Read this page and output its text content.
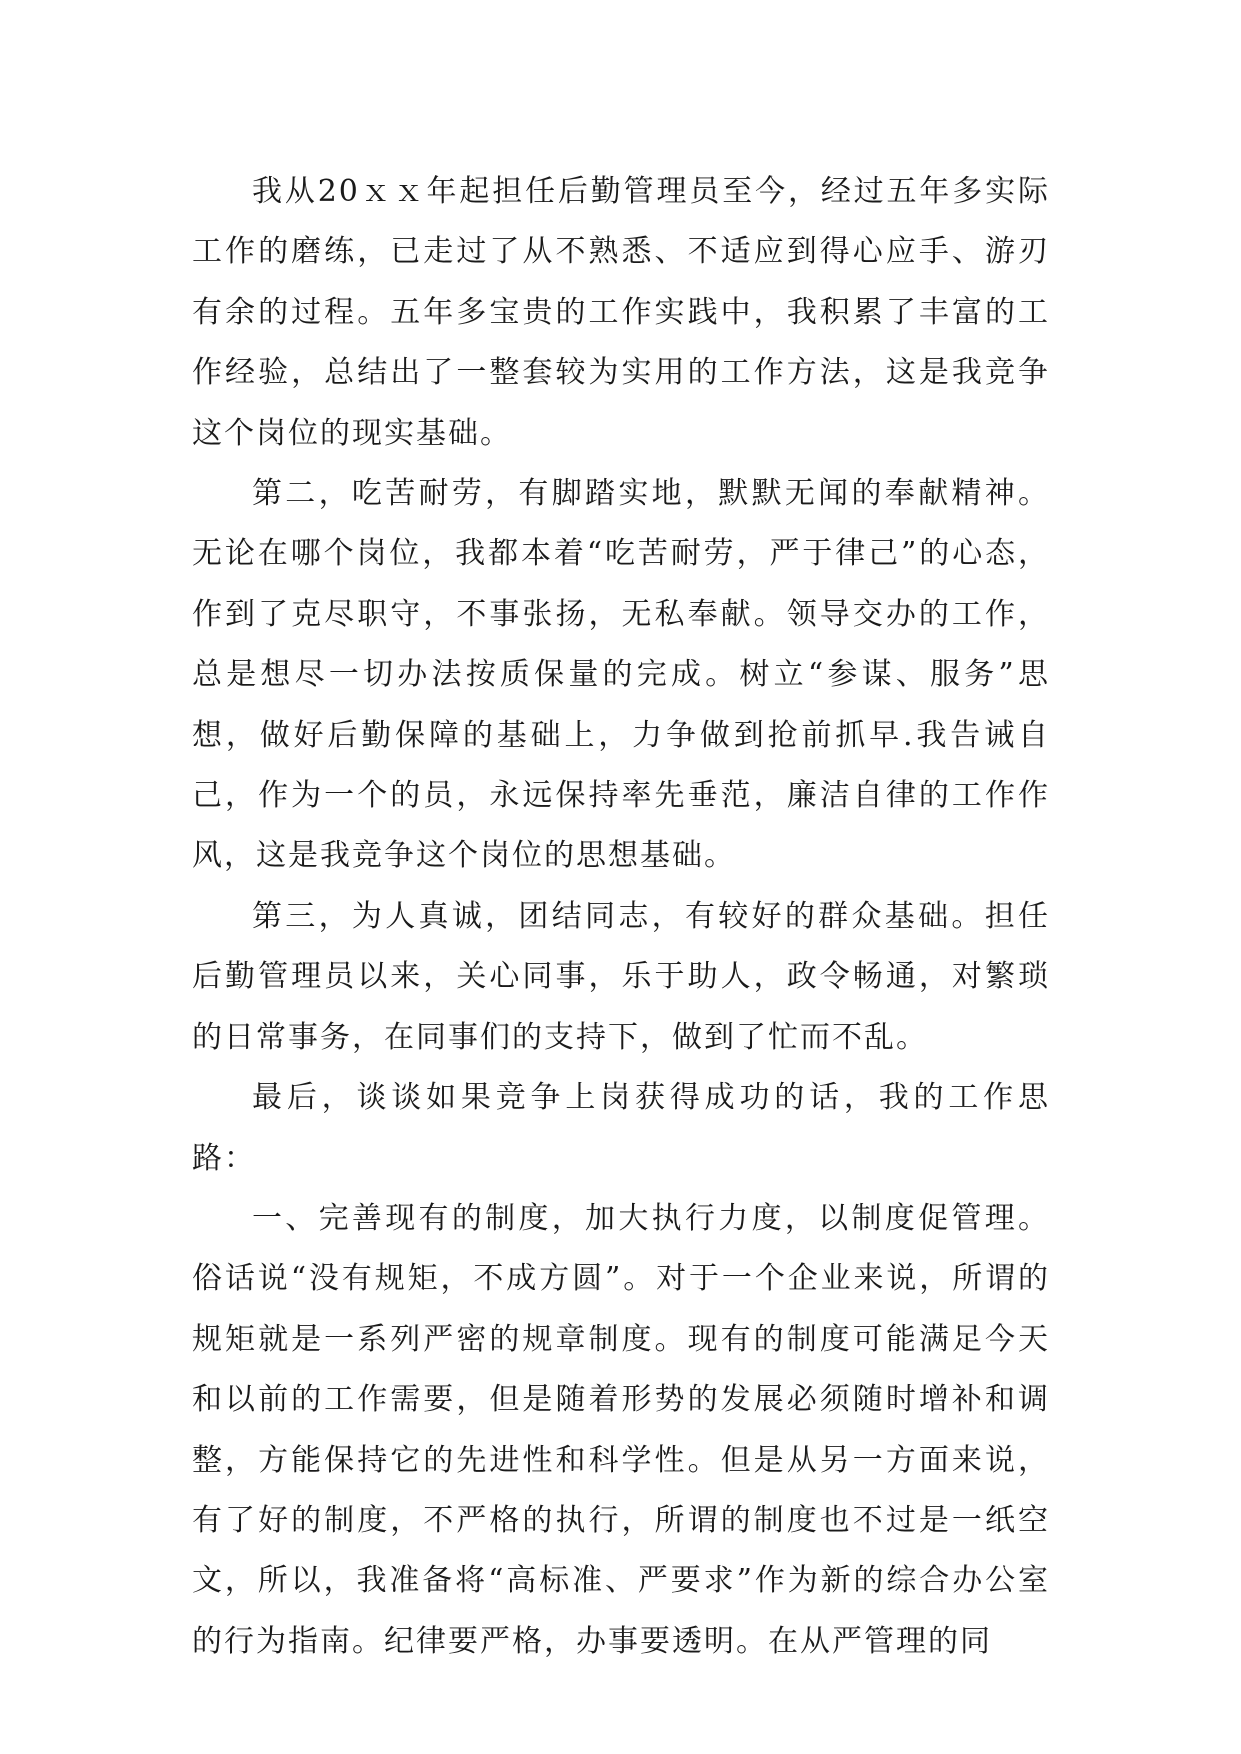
我从20ｘｘ年起担任后勤管理员至今，经过五年多实际工作的磨练，已走过了从不熟悉、不适应到得心应手、游刃有余的过程。五年多宝贵的工作实践中，我积累了丰富的工作经验，总结出了一整套较为实用的工作方法，这是我竞争这个岗位的现实基础。

第二，吃苦耐劳，有脚踏实地，默默无闻的奉献精神。无论在哪个岗位，我都本着“吃苦耐劳，严于律己”的心态，作到了克尽职守，不事张扬，无私奉献。领导交办的工作，总是想尽一切办法按质保量的完成。树立“参谋、服务”思想，做好后勤保障的基础上，力争做到抢前抓早.我告诫自己，作为一个的员，永远保持率先垂范，廉洁自律的工作作风，这是我竞争这个岗位的思想基础。

第三，为人真诚，团结同志，有较好的群众基础。担任后勤管理员以来，关心同事，乐于助人，政令畅通，对繁琐的日常事务，在同事们的支持下，做到了忙而不乱。

最后，谈谈如果竞争上岗获得成功的话，我的工作思路：

一、完善现有的制度，加大执行力度，以制度促管理。俗话说“没有规矩，不成方圆”。对于一个企业来说，所谓的规矩就是一系列严密的规章制度。现有的制度可能满足今天和以前的工作需要，但是随着形势的发展必须随时增补和调整，方能保持它的先进性和科学性。但是从另一方面来说，有了好的制度，不严格的执行，所谓的制度也不过是一纸空文，所以，我准备将“高标准、严要求”作为新的综合办公室的行为指南。纪律要严格，办事要透明。在从严管理的同
